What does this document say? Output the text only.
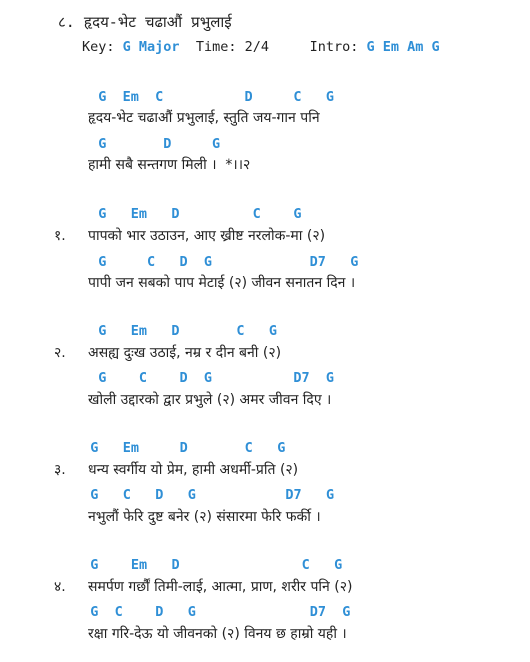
८. हृदय-भेट चढाऔं प्रभुलाई
Key: G Major Time: 2/4	Intro: G Em Am G
G  Em  C          D     C   G
हृदय-भेट चढाऔं प्रभुलाई, स्तुति जय-गान पनि
G       D     G
हामी सबै सन्तगण मिली ।  *।।२
G   Em   D         C    G
१. पापको भार उठाउन, आए ख्रीष्ट नरलोक-मा (२)
G     C   D  G            D7   G
पापी जन सबको पाप मेटाई (२) जीवन सनातन दिन ।
G   Em   D       C   G
२. असह्य दुःख उठाई, नम्र र दीन बनी (२)
G    C    D  G          D7  G
खोली उद्दारको द्वार प्रभुले (२) अमर जीवन दिए ।
G   Em     D       C   G
३. धन्य स्वर्गीय यो प्रेम, हामी अधर्मी-प्रति (२)
G   C   D   G           D7   G
नभुलौं फेरि दुष्ट बनेर (२) संसारमा फेरि फर्की ।
G    Em   D               C   G
४. समर्पण गर्छौं तिमी-लाई, आत्मा, प्राण, शरीर पनि (२)
G  C    D   G              D7  G
रक्षा गरि-देऊ यो जीवनको (२) विनय छ हाम्रो यही ।
